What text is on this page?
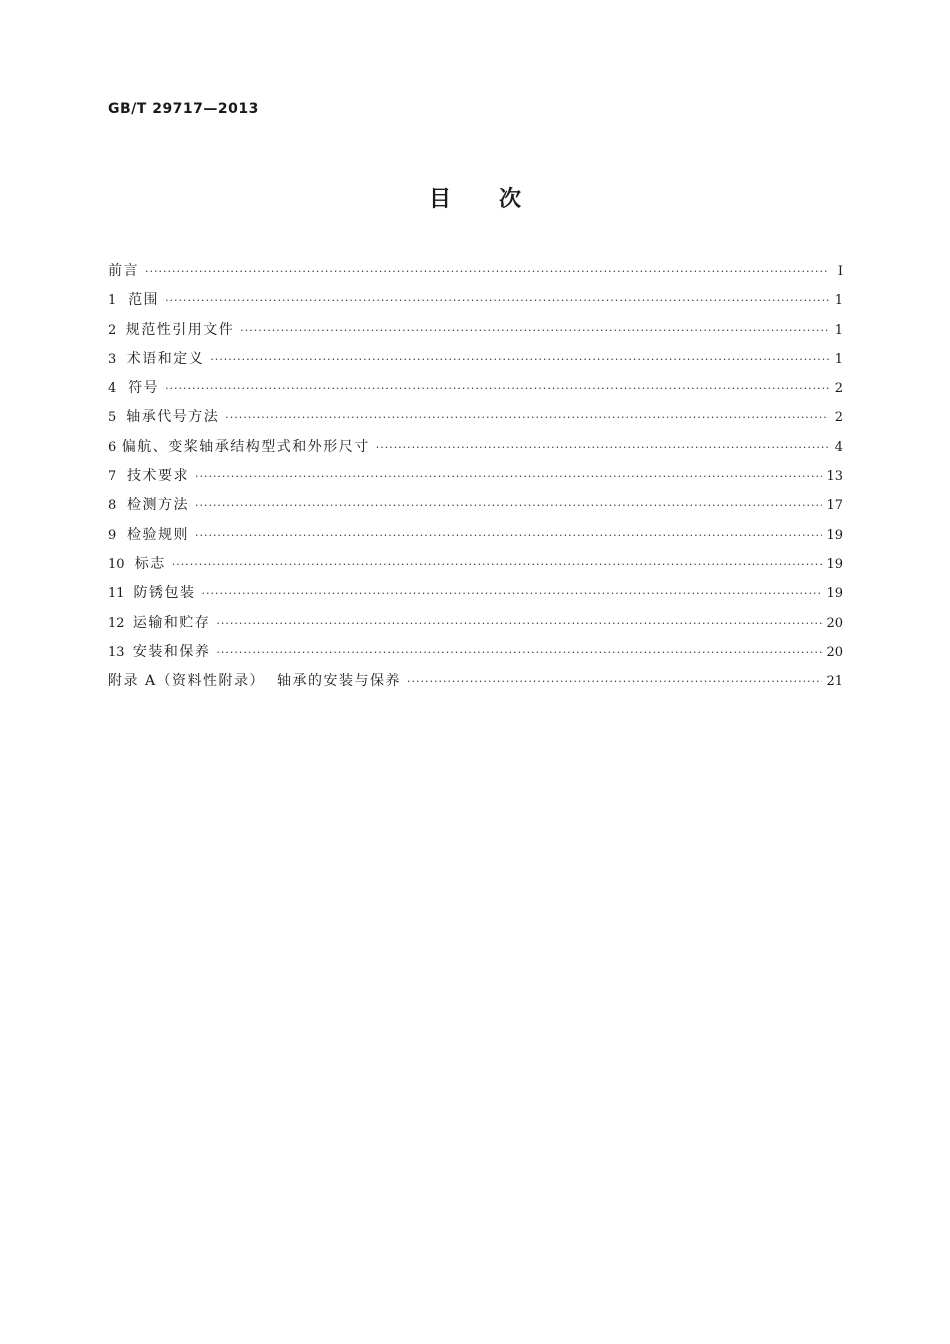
GB/T 29717—2013
目次
前言 ·····	Ⅰ
1 范围 ·····	1
2 规范性引用文件 ·····	1
3 术语和定义 ·····	1
4 符号 ·····	2
5 轴承代号方法 ·····	2
6 偏航、变桨轴承结构型式和外形尺寸 ·····	4
7 技术要求 ·····	13
8 检测方法 ·····	17
9 检验规则 ·····	19
10 标志 ·····	19
11 防锈包装 ·····	19
12 运输和贮存 ·····	20
13 安装和保养 ·····	20
附录 A（资料性附录）  轴承的安装与保养 ·····	21
